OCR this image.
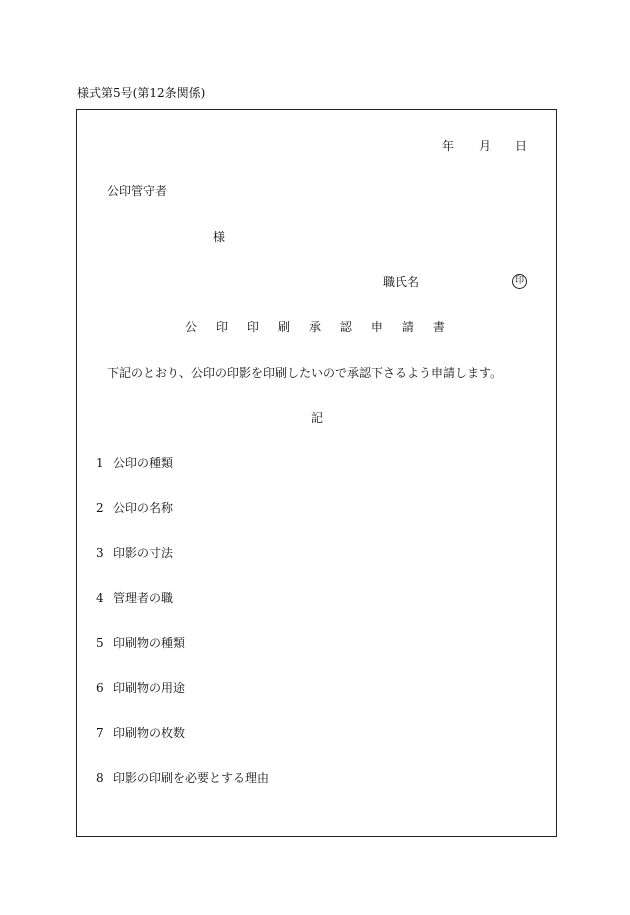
様式第5号(第12条関係)
年 月 日
公印管守者
様
職氏名	印
公 印 印 刷 承 認 申 請 書
下記のとおり、公印の印影を印刷したいので承認下さるよう申請します。
記
1 公印の種類
2 公印の名称
3 印影の寸法
4 管理者の職
5 印刷物の種類
6 印刷物の用途
7 印刷物の枚数
8 印影の印刷を必要とする理由
